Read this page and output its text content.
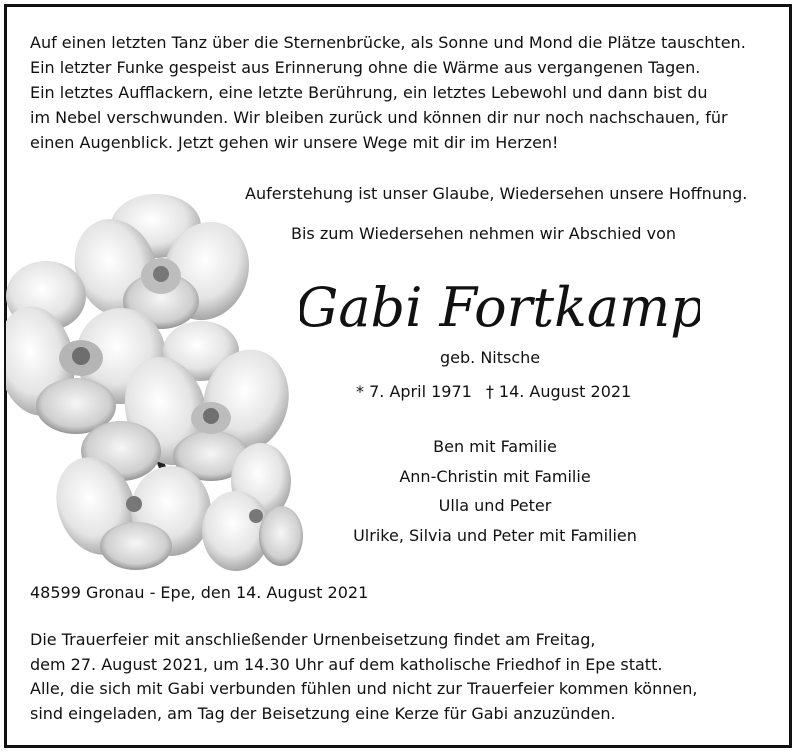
Auf einen letzten Tanz über die Sternenbrücke, als Sonne und Mond die Plätze tauschten.
Ein letzter Funke gespeist aus Erinnerung ohne die Wärme aus vergangenen Tagen.
Ein letztes Aufflackern, eine letzte Berührung, ein letztes Lebewohl und dann bist du
im Nebel verschwunden. Wir bleiben zurück und können dir nur noch nachschauen, für
einen Augenblick. Jetzt gehen wir unsere Wege mit dir im Herzen!
Auferstehung ist unser Glaube, Wiedersehen unsere Hoffnung.
Bis zum Wiedersehen nehmen wir Abschied von
Gabi Fortkamp
geb. Nitsche
* 7. April 1971 † 14. August 2021
Ben mit Familie
Ann-Christin mit Familie
Ulla und Peter
Ulrike, Silvia und Peter mit Familien
48599 Gronau - Epe, den 14. August 2021
Die Trauerfeier mit anschließender Urnenbeisetzung findet am Freitag,
dem 27. August 2021, um 14.30 Uhr auf dem katholische Friedhof in Epe statt.
Alle, die sich mit Gabi verbunden fühlen und nicht zur Trauerfeier kommen können,
sind eingeladen, am Tag der Beisetzung eine Kerze für Gabi anzuzünden.
